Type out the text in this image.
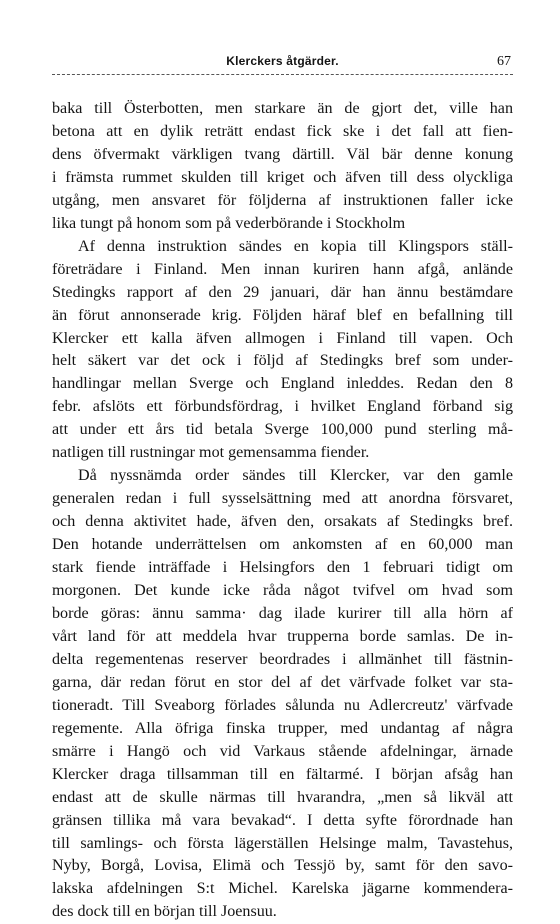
Klerckers åtgärder.	67
baka till Österbotten, men starkare än de gjort det, ville han
betona att en dylik reträtt endast fick ske i det fall att fien-
dens öfvermakt värkligen tvang därtill. Väl bär denne konung
i främsta rummet skulden till kriget och äfven till dess olyckliga
utgång, men ansvaret för följderna af instruktionen faller icke
lika tungt på honom som på vederbörande i Stockholm
Af denna instruktion sändes en kopia till Klingspors ställ-
företrädare i Finland. Men innan kuriren hann afgå, anlände
Stedingks rapport af den 29 januari, där han ännu bestämdare
än förut annonserade krig. Följden häraf blef en befallning till
Klercker ett kalla äfven allmogen i Finland till vapen. Och
helt säkert var det ock i följd af Stedingks bref som under-
handlingar mellan Sverge och England inleddes. Redan den 8
febr. afslöts ett förbundsfördrag, i hvilket England förband sig
att under ett års tid betala Sverge 100,000 pund sterling må-
natligen till rustningar mot gemensamma fiender.
Då nyssnämda order sändes till Klercker, var den gamle
generalen redan i full sysselsättning med att anordna försvaret,
och denna aktivitet hade, äfven den, orsakats af Stedingks bref.
Den hotande underrättelsen om ankomsten af en 60,000 man
stark fiende inträffade i Helsingfors den 1 februari tidigt om
morgonen. Det kunde icke råda något tvifvel om hvad som
borde göras: ännu samma· dag ilade kurirer till alla hörn af
vårt land för att meddela hvar trupperna borde samlas. De in-
delta regementenas reserver beordrades i allmänhet till fästnin-
garna, där redan förut en stor del af det värfvade folket var sta-
tioneradt. Till Sveaborg förlades sålunda nu Adlercreutz' värfvade
regemente. Alla öfriga finska trupper, med undantag af några
smärre i Hangö och vid Varkaus stående afdelningar, ärnade
Klercker draga tillsamman till en fältarmé. I början afsåg han
endast att de skulle närmas till hvarandra, „men så likväl att
gränsen tillika må vara bevakad“. I detta syfte förordnade han
till samlings- och första lägerställen Helsinge malm, Tavastehus,
Nyby, Borgå, Lovisa, Elimä och Tessjö by, samt för den savo-
lakska afdelningen S:t Michel. Karelska jägarne kommendera-
des dock till en början till Joensuu.
